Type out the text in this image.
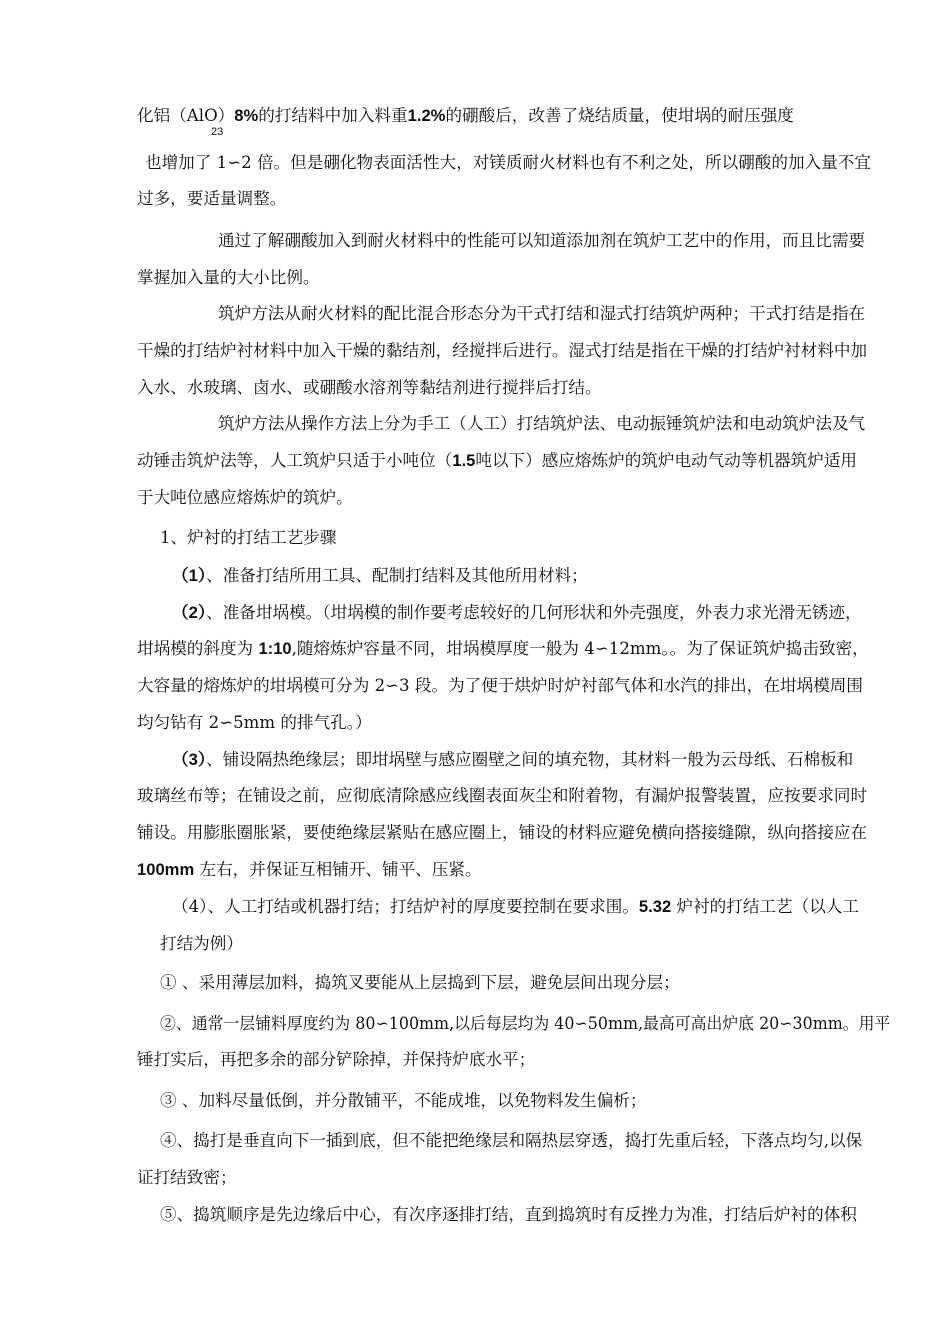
化铝（AlO）8%的打结料中加入料重1.2%的硼酸后，改善了烧结质量，使坩埚的耐压强度
23
也增加了 1∽2 倍。但是硼化物表面活性大，对镁质耐火材料也有不利之处，所以硼酸的加入量不宜
过多，要适量调整。
通过了解硼酸加入到耐火材料中的性能可以知道添加剂在筑炉工艺中的作用，而且比需要
掌握加入量的大小比例。
筑炉方法从耐火材料的配比混合形态分为干式打结和湿式打结筑炉两种；干式打结是指在
干燥的打结炉衬材料中加入干燥的黏结剂，经搅拌后进行。湿式打结是指在干燥的打结炉衬材料中加
入水、水玻璃、卤水、或硼酸水溶剂等黏结剂进行搅拌后打结。
筑炉方法从操作方法上分为手工（人工）打结筑炉法、电动振锤筑炉法和电动筑炉法及气
动锤击筑炉法等，人工筑炉只适于小吨位（1.5吨以下）感应熔炼炉的筑炉电动气动等机器筑炉适用
于大吨位感应熔炼炉的筑炉。
1、炉衬的打结工艺步骤
（1）、准备打结所用工具、配制打结料及其他所用材料；
（2）、准备坩埚模。（坩埚模的制作要考虑较好的几何形状和外壳强度，外表力求光滑无锈迹，
坩埚模的斜度为 1:10,随熔炼炉容量不同，坩埚模厚度一般为 4∽12mm。。为了保证筑炉捣击致密，
大容量的熔炼炉的坩埚模可分为 2∽3 段。为了便于烘炉时炉衬部气体和水汽的排出，在坩埚模周围
均匀钻有 2∽5mm 的排气孔。）
（3）、铺设隔热绝缘层；即坩埚壁与感应圈壁之间的填充物，其材料一般为云母纸、石棉板和
玻璃丝布等；在铺设之前，应彻底清除感应线圈表面灰尘和附着物，有漏炉报警装置，应按要求同时
铺设。用膨胀圈胀紧，要使绝缘层紧贴在感应圈上，铺设的材料应避免横向搭接缝隙，纵向搭接应在
100mm 左右，并保证互相铺开、铺平、压紧。
（4）、人工打结或机器打结；打结炉衬的厚度要控制在要求围。5.32 炉衬的打结工艺（以人工
打结为例）
① 、采用薄层加料，捣筑叉要能从上层捣到下层，避免层间出现分层；
②、通常一层铺料厚度约为 80∽100mm,以后每层均为 40∽50mm,最高可高出炉底 20∽30mm。用平
锤打实后，再把多余的部分铲除掉，并保持炉底水平；
③ 、加料尽量低倒，并分散铺平，不能成堆，以免物料发生偏析；
④、捣打是垂直向下一插到底，但不能把绝缘层和隔热层穿透，捣打先重后轻，下落点均匀,以保
证打结致密；
⑤、捣筑顺序是先边缘后中心，有次序逐排打结，直到捣筑时有反挫力为准，打结后炉衬的体积
